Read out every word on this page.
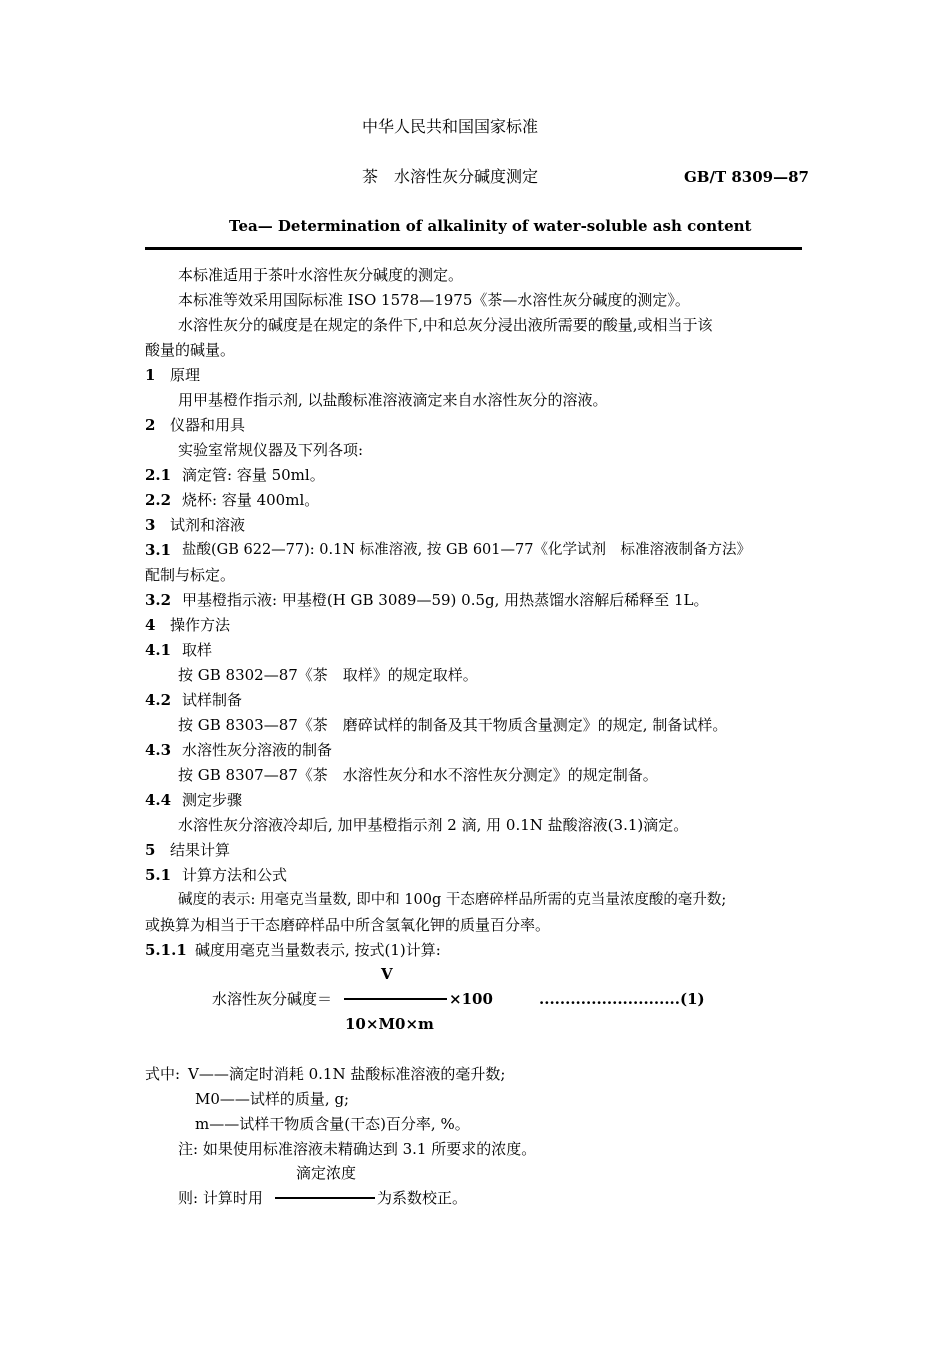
中华人民共和国国家标准
茶　水溶性灰分碱度测定	GB/T 8309—87
Tea— Determination of alkalinity of water-soluble ash content
本标准适用于茶叶水溶性灰分碱度的测定。
本标准等效采用国际标准 ISO 1578—1975《茶—水溶性灰分碱度的测定》。
水溶性灰分的碱度是在规定的条件下,中和总灰分浸出液所需要的酸量,或相当于该
酸量的碱量。
1 原理
用甲基橙作指示剂, 以盐酸标准溶液滴定来自水溶性灰分的溶液。
2 仪器和用具
实验室常规仪器及下列各项:
2.1 滴定管: 容量 50ml。
2.2 烧杯: 容量 400ml。
3 试剂和溶液
3.1 盐酸(GB 622—77): 0.1N 标准溶液, 按 GB 601—77《化学试剂　标准溶液制备方法》
配制与标定。
3.2 甲基橙指示液: 甲基橙(H GB 3089—59) 0.5g, 用热蒸馏水溶解后稀释至 1L。
4 操作方法
4.1 取样
按 GB 8302—87《茶　取样》的规定取样。
4.2 试样制备
按 GB 8303—87《茶　磨碎试样的制备及其干物质含量测定》的规定, 制备试样。
4.3 水溶性灰分溶液的制备
按 GB 8307—87《茶　水溶性灰分和水不溶性灰分测定》的规定制备。
4.4 测定步骤
水溶性灰分溶液冷却后, 加甲基橙指示剂 2 滴, 用 0.1N 盐酸溶液(3.1)滴定。
5 结果计算
5.1 计算方法和公式
碱度的表示: 用毫克当量数, 即中和 100g 干态磨碎样品所需的克当量浓度酸的毫升数;
或换算为相当于干态磨碎样品中所含氢氧化钾的质量百分率。
5.1.1 碱度用毫克当量数表示, 按式(1)计算:
V
水溶性灰分碱度＝	×100	...........................(1)
10×M0×m
式中: V——滴定时消耗 0.1N 盐酸标准溶液的毫升数;
M0——试样的质量, g;
m——试样干物质含量(干态)百分率, %。
注: 如果使用标准溶液未精确达到 3.1 所要求的浓度。
滴定浓度
则: 计算时用	为系数校正。
